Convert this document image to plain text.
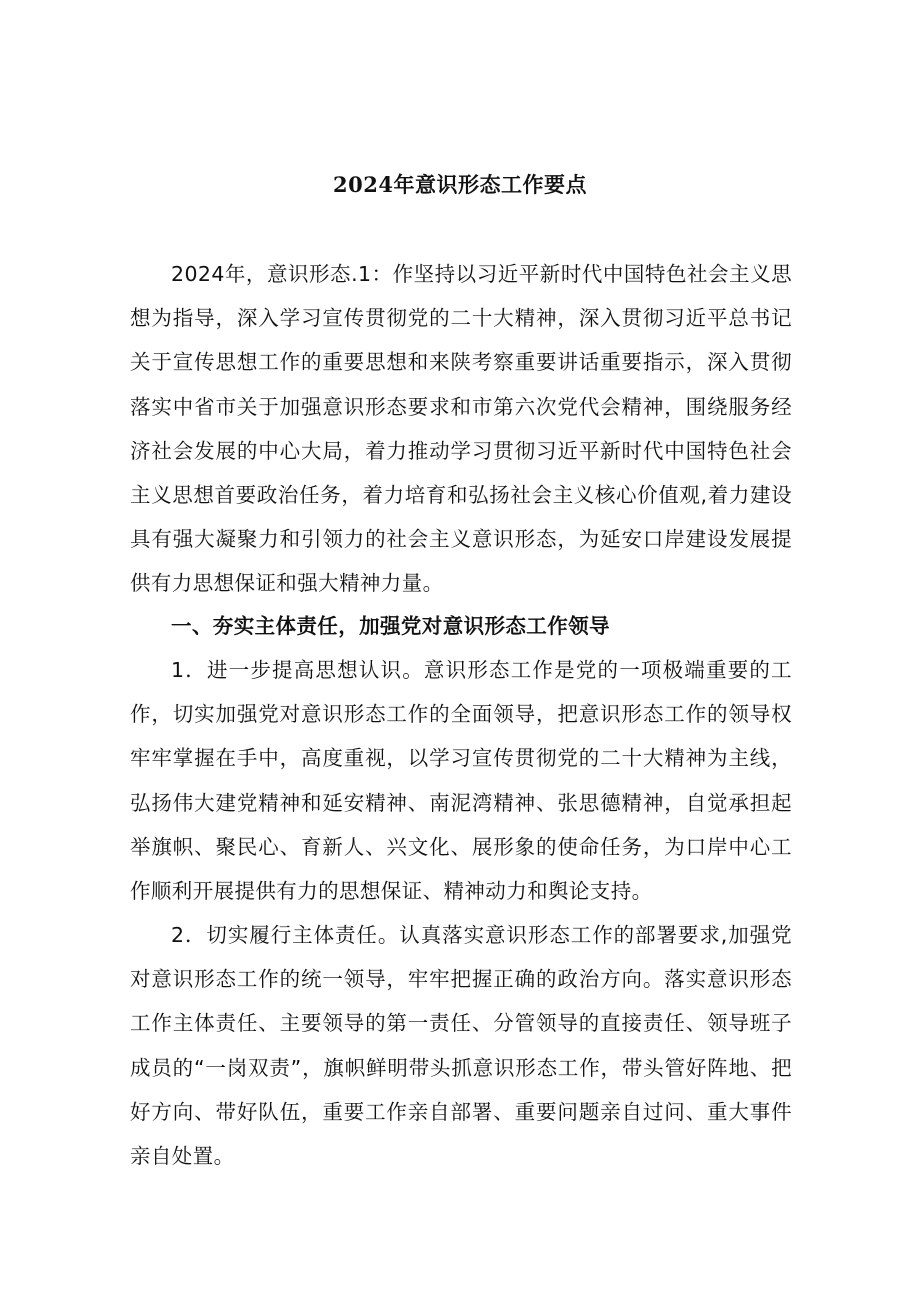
2024年意识形态工作要点

2024年，意识形态.1：作坚持以习近平新时代中国特色社会主义思想为指导，深入学习宣传贯彻党的二十大精神，深入贯彻习近平总书记关于宣传思想工作的重要思想和来陕考察重要讲话重要指示，深入贯彻落实中省市关于加强意识形态要求和市第六次党代会精神，围绕服务经济社会发展的中心大局，着力推动学习贯彻习近平新时代中国特色社会主义思想首要政治任务，着力培育和弘扬社会主义核心价值观,着力建设具有强大凝聚力和引领力的社会主义意识形态，为延安口岸建设发展提供有力思想保证和强大精神力量。

一、夯实主体责任，加强党对意识形态工作领导

1．进一步提高思想认识。意识形态工作是党的一项极端重要的工作，切实加强党对意识形态工作的全面领导，把意识形态工作的领导权牢牢掌握在手中，高度重视，以学习宣传贯彻党的二十大精神为主线，弘扬伟大建党精神和延安精神、南泥湾精神、张思德精神，自觉承担起举旗帜、聚民心、育新人、兴文化、展形象的使命任务，为口岸中心工作顺利开展提供有力的思想保证、精神动力和舆论支持。

2．切实履行主体责任。认真落实意识形态工作的部署要求,加强党对意识形态工作的统一领导，牢牢把握正确的政治方向。落实意识形态工作主体责任、主要领导的第一责任、分管领导的直接责任、领导班子成员的“一岗双责”，旗帜鲜明带头抓意识形态工作，带头管好阵地、把好方向、带好队伍，重要工作亲自部署、重要问题亲自过问、重大事件亲自处置。
